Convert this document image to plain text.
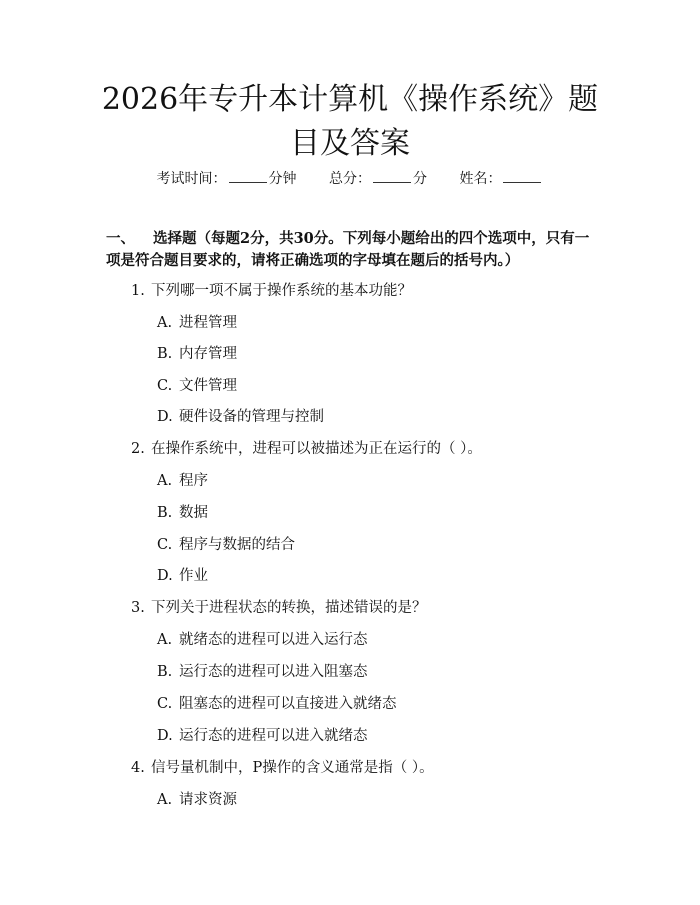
2026年专升本计算机《操作系统》题目及答案
考试时间：	分钟 总分：	分 姓名：

一、 选择题（每题2分，共30分。下列每小题给出的四个选项中，只有一项是符合题目要求的，请将正确选项的字母填在题后的括号内。）

1. 下列哪一项不属于操作系统的基本功能？
A. 进程管理
B. 内存管理
C. 文件管理
D. 硬件设备的管理与控制
2. 在操作系统中，进程可以被描述为正在运行的（ ）。
A. 程序
B. 数据
C. 程序与数据的结合
D. 作业
3. 下列关于进程状态的转换，描述错误的是？
A. 就绪态的进程可以进入运行态
B. 运行态的进程可以进入阻塞态
C. 阻塞态的进程可以直接进入就绪态
D. 运行态的进程可以进入就绪态
4. 信号量机制中，P操作的含义通常是指（ ）。
A. 请求资源
